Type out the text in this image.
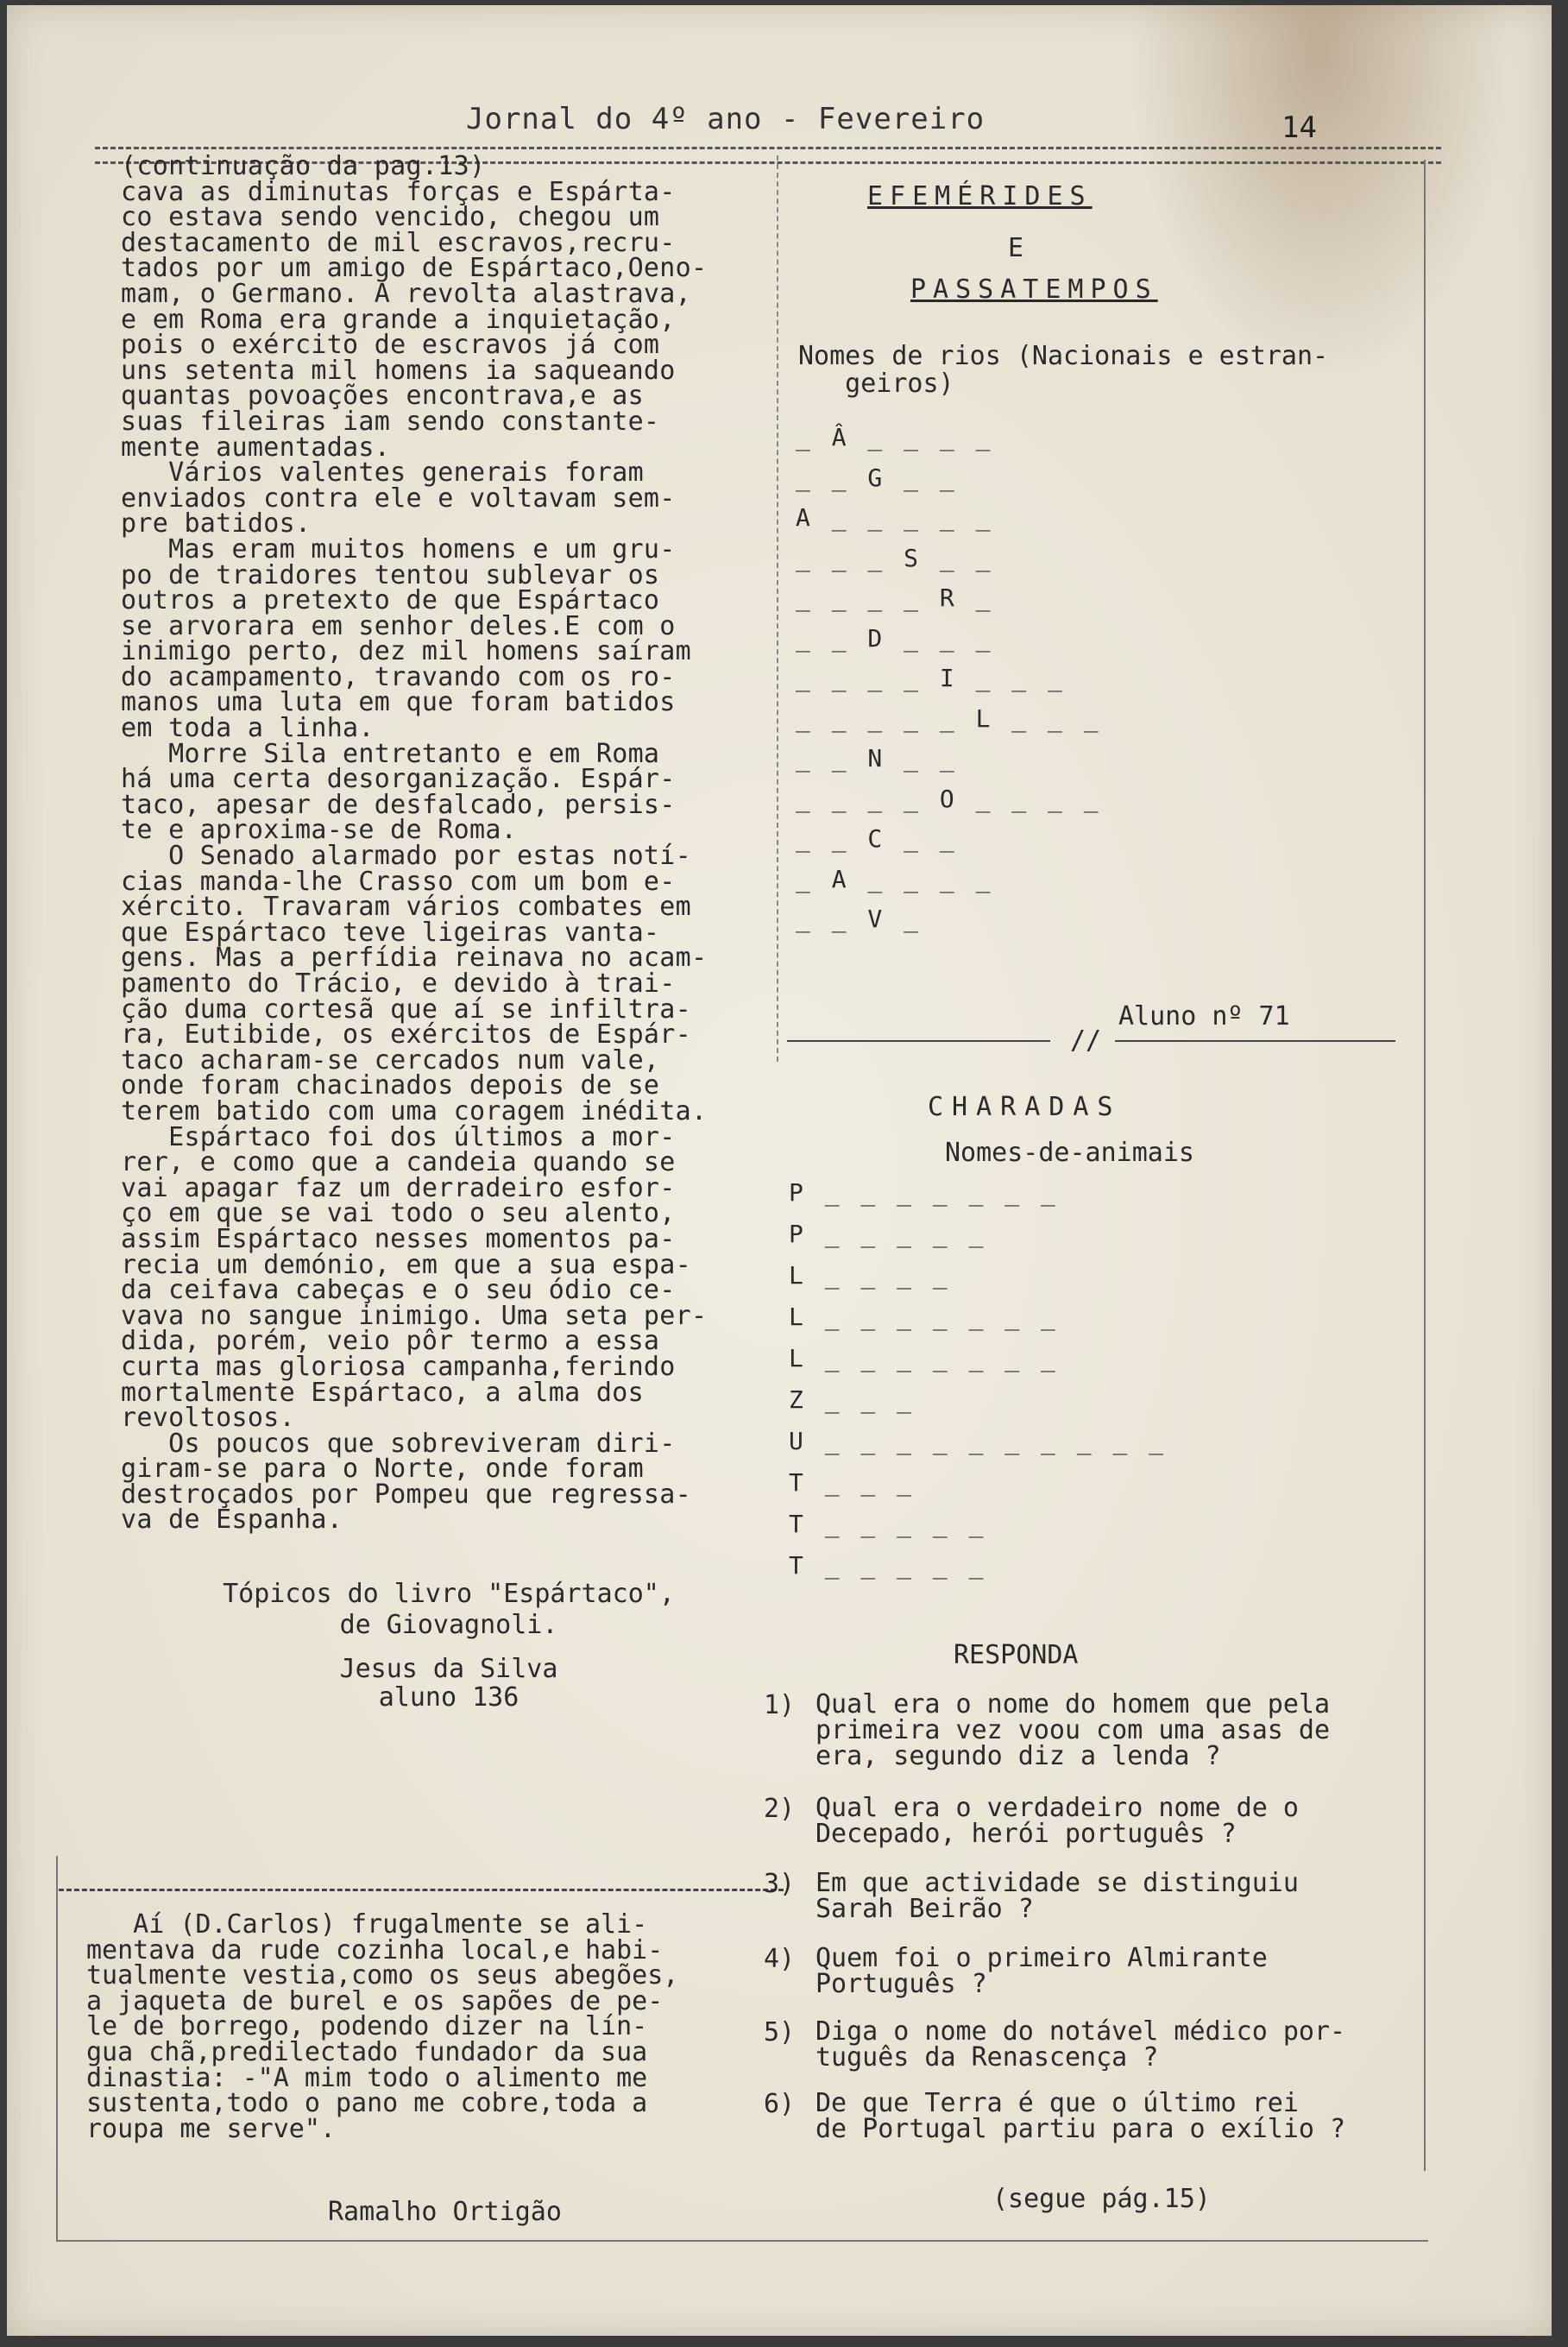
Jornal do 4º ano - Fevereiro	14

(continuação da pag.13)

cava as diminutas forças e Espárta-

co estava sendo vencido, chegou um

destacamento de mil escravos,recru-

tados por um amigo de Espártaco,Oeno-

mam, o Germano. A revolta alastrava,

e em Roma era grande a inquietação,

pois o exército de escravos já com

uns setenta mil homens ia saqueando

quantas povoações encontrava,e as

suas fileiras iam sendo constante-

mente aumentadas.

Vários valentes generais foram

enviados contra ele e voltavam sem-

pre batidos.

Mas eram muitos homens e um gru-

po de traidores tentou sublevar os

outros a pretexto de que Espártaco

se arvorara em senhor deles.E com o

inimigo perto, dez mil homens saíram

do acampamento, travando com os ro-

manos uma luta em que foram batidos

em toda a linha.

Morre Sila entretanto e em Roma

há uma certa desorganização. Espár-

taco, apesar de desfalcado, persis-

te e aproxima-se de Roma.

O Senado alarmado por estas notí-

cias manda-lhe Crasso com um bom e-

xército. Travaram vários combates em

que Espártaco teve ligeiras vanta-

gens. Mas a perfídia reinava no acam-

pamento do Trácio, e devido à trai-

ção duma cortesã que aí se infiltra-

ra, Eutibide, os exércitos de Espár-

taco acharam-se cercados num vale,

onde foram chacinados depois de se

terem batido com uma coragem inédita.

Espártaco foi dos últimos a mor-

rer, e como que a candeia quando se

vai apagar faz um derradeiro esfor-

ço em que se vai todo o seu alento,

assim Espártaco nesses momentos pa-

recia um demónio, em que a sua espa-

da ceifava cabeças e o seu ódio ce-

vava no sangue inimigo. Uma seta per-

dida, porém, veio pôr termo a essa

curta mas gloriosa campanha,ferindo

mortalmente Espártaco, a alma dos

revoltosos.

Os poucos que sobreviveram diri-

giram-se para o Norte, onde foram

destroçados por Pompeu que regressa-

va de Espanha.

Tópicos do livro "Espártaco",
de Giovagnoli.
Jesus da Silva
aluno 136

Aí (D.Carlos) frugalmente se ali-

mentava da rude cozinha local,e habi-

tualmente vestia,como os seus abegões,

a jaqueta de burel e os sapões de pe-

le de borrego, podendo dizer na lín-

gua chã,predilectado fundador da sua

dinastia: -"A mim todo o alimento me

sustenta,todo o pano me cobre,toda a

roupa me serve".

Ramalho Ortigão
EFEMÉRIDES
E
PASSATEMPOS
Nomes de rios (Nacionais e estran-
geiros)
_ Â _ _ _ _
_ _ G _ _
A _ _ _ _ _
_ _ _ S _ _
_ _ _ _ R _
_ _ D _ _ _
_ _ _ _ I _ _ _
_ _ _ _ _ L _ _ _
_ _ N _ _
_ _ _ _ O _ _ _ _
_ _ C _ _
_ A _ _ _ _
_ _ V _
Aluno nº 71
//
CHARADAS
Nomes-de-animais
P _ _ _ _ _ _ _
P _ _ _ _ _
L _ _ _ _
L _ _ _ _ _ _ _
L _ _ _ _ _ _ _
Z _ _ _
U _ _ _ _ _ _ _ _ _ _
T _ _ _
T _ _ _ _ _
T _ _ _ _ _
RESPONDA
1) Qual era o nome do homem que pela
primeira vez voou com uma asas de
era, segundo diz a lenda ?
2) Qual era o verdadeiro nome de o
Decepado, herói português ?
3) Em que actividade se distinguiu
Sarah Beirão ?
4) Quem foi o primeiro Almirante
Português ?
5) Diga o nome do notável médico por-
tuguês da Renascença ?
6) De que Terra é que o último rei
de Portugal partiu para o exílio ?
(segue pág.15)
